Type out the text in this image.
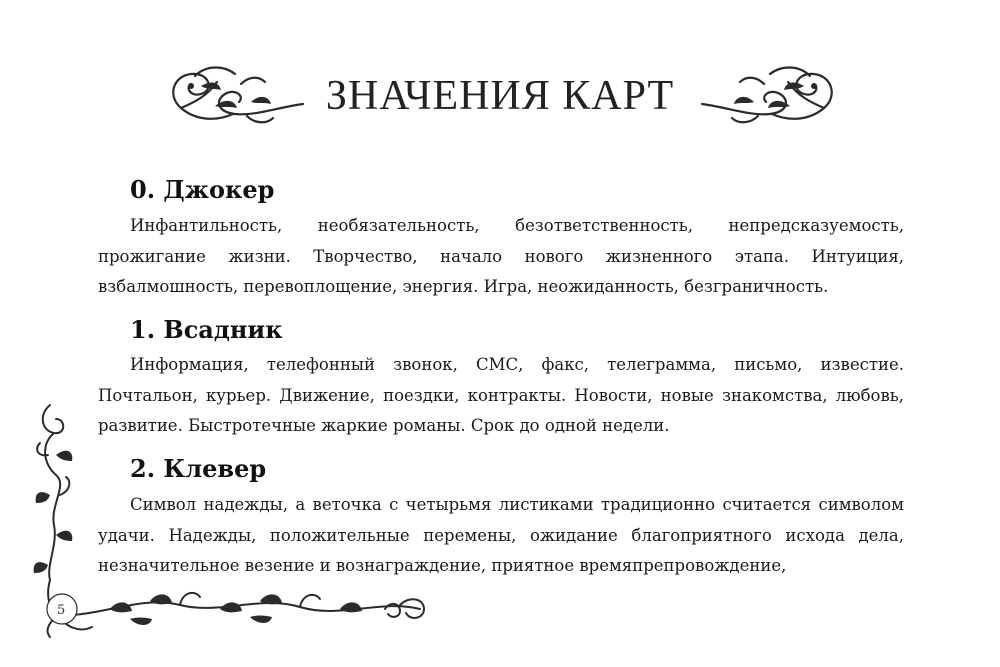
ЗНАЧЕНИЯ КАРТ
5
0. Джокер

Инфантильность, необязательность, безответственность, непредсказуемость, прожигание жизни. Творчество, начало нового жизненного этапа. Интуиция, взбалмошность, перевоплощение, энергия. Игра, неожиданность, безграничность.

1. Всадник

Информация, телефонный звонок, СМС, факс, телеграмма, письмо, известие. Почтальон, курьер. Движение, поездки, контракты. Новости, новые знакомства, любовь, развитие. Быстротечные жаркие романы. Срок до одной недели.

2. Клевер

Символ надежды, а веточка с четырьмя листиками традиционно считается символом удачи. Надежды, положительные перемены, ожидание благоприятного исхода дела, незначительное везение и вознаграждение, приятное времяпрепровождение,
